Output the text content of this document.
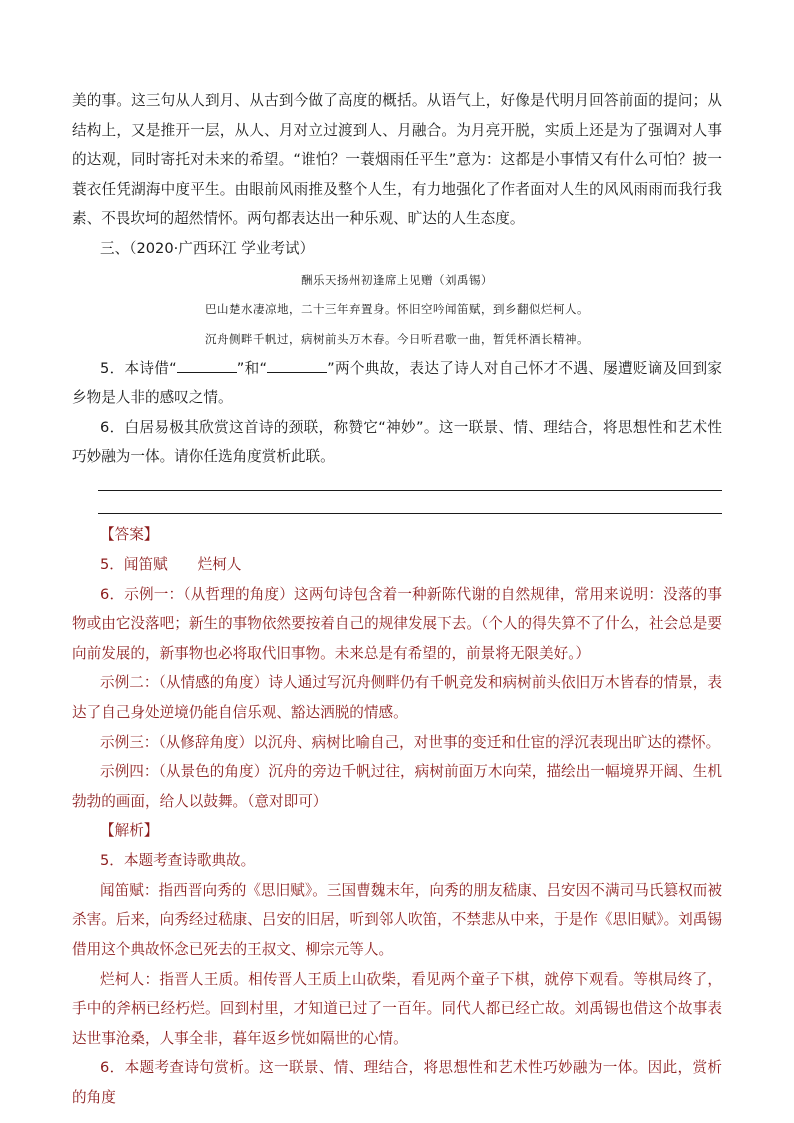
美的事。这三句从人到月、从古到今做了高度的概括。从语气上，好像是代明月回答前面的提问；从结构上，又是推开一层，从人、月对立过渡到人、月融合。为月亮开脱，实质上还是为了强调对人事的达观，同时寄托对未来的希望。“谁怕？一蓑烟雨任平生”意为：这都是小事情又有什么可怕？披一蓑衣任凭湖海中度平生。由眼前风雨推及整个人生，有力地强化了作者面对人生的风风雨雨而我行我素、不畏坎坷的超然情怀。两句都表达出一种乐观、旷达的人生态度。

三、（2020·广西环江 学业考试）

酬乐天扬州初逢席上见赠（刘禹锡）

巴山楚水凄凉地，二十三年弃置身。怀旧空吟闻笛赋，到乡翻似烂柯人。

沉舟侧畔千帆过，病树前头万木春。今日听君歌一曲，暂凭杯酒长精神。

5．本诗借“	”和“	”两个典故，表达了诗人对自己怀才不遇、屡遭贬谪及回到家乡物是人非的感叹之情。

6．白居易极其欣赏这首诗的颈联，称赞它“神妙”。这一联景、情、理结合，将思想性和艺术性巧妙融为一体。请你任选角度赏析此联。

【答案】

5．闻笛赋 烂柯人

6．示例一：（从哲理的角度）这两句诗包含着一种新陈代谢的自然规律，常用来说明：没落的事物或由它没落吧；新生的事物依然要按着自己的规律发展下去。（个人的得失算不了什么，社会总是要向前发展的，新事物也必将取代旧事物。未来总是有希望的，前景将无限美好。）

示例二：（从情感的角度）诗人通过写沉舟侧畔仍有千帆竞发和病树前头依旧万木皆春的情景，表达了自己身处逆境仍能自信乐观、豁达洒脱的情感。

示例三：（从修辞角度）以沉舟、病树比喻自己，对世事的变迁和仕宦的浮沉表现出旷达的襟怀。

示例四：（从景色的角度）沉舟的旁边千帆过往，病树前面万木向荣，描绘出一幅境界开阔、生机勃勃的画面，给人以鼓舞。（意对即可）

【解析】

5．本题考查诗歌典故。

闻笛赋：指西晋向秀的《思旧赋》。三国曹魏末年，向秀的朋友嵇康、吕安因不满司马氏篡权而被杀害。后来，向秀经过嵇康、吕安的旧居，听到邻人吹笛，不禁悲从中来，于是作《思旧赋》。刘禹锡借用这个典故怀念已死去的王叔文、柳宗元等人。

烂柯人：指晋人王质。相传晋人王质上山砍柴，看见两个童子下棋，就停下观看。等棋局终了，手中的斧柄已经朽烂。回到村里，才知道已过了一百年。同代人都已经亡故。刘禹锡也借这个故事表达世事沧桑，人事全非，暮年返乡恍如隔世的心情。

6．本题考查诗句赏析。这一联景、情、理结合，将思想性和艺术性巧妙融为一体。因此，赏析的角度
